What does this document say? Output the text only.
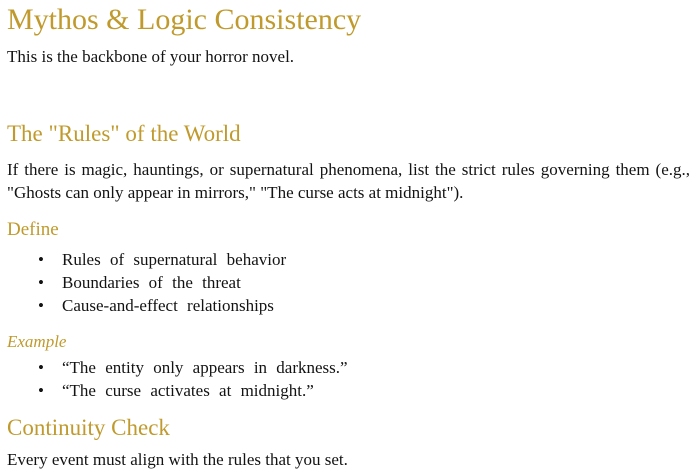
Mythos & Logic Consistency

This is the backbone of your horror novel.

The "Rules" of the World

If there is magic, hauntings, or supernatural phenomena, list the strict rules governing them (e.g., "Ghosts can only appear in mirrors," "The curse acts at midnight").

Define
• Rules of supernatural behavior
• Boundaries of the threat
• Cause-and-effect relationships
Example
• “The entity only appears in darkness.”
• “The curse activates at midnight.”
Continuity Check

Every event must align with the rules that you set.
